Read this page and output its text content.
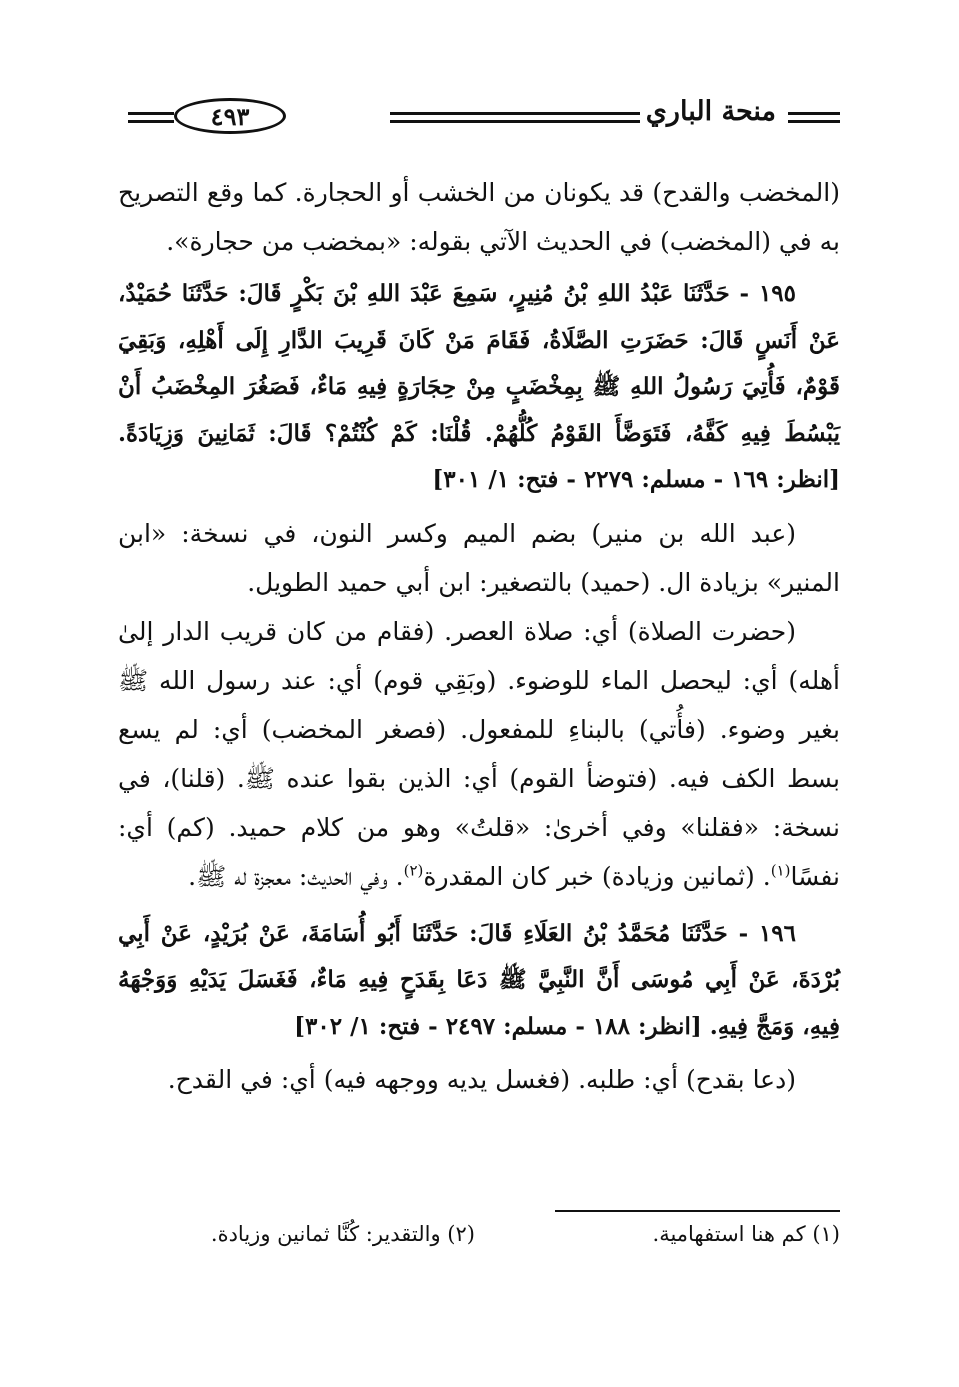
منحة الباري
٤٩٣

(المخضب والقدح) قد يكونان من الخشب أو الحجارة. كما وقع التصريح به في (المخضب) في الحديث الآتي بقوله: «بمخضب من حجارة».

١٩٥ - حَدَّثَنَا عَبْدُ اللهِ بْنُ مُنِيرٍ، سَمِعَ عَبْدَ اللهِ بْنَ بَكْرٍ قَالَ: حَدَّثَنَا حُمَيْدٌ، عَنْ أَنَسٍ قَالَ: حَضَرَتِ الصَّلَاةُ، فَقَامَ مَنْ كَانَ قَرِيبَ الدَّارِ إِلَى أَهْلِهِ، وَبَقِيَ قَوْمٌ، فَأُتِيَ رَسُولُ اللهِ ﷺ بِمِخْضَبٍ مِنْ حِجَارَةٍ فِيهِ مَاءٌ، فَصَغُرَ المِخْضَبُ أَنْ يَبْسُطَ فِيهِ كَفَّهُ، فَتَوَضَّأَ القَوْمُ كُلُّهُمْ. قُلْنَا: كَمْ كُنْتُمْ؟ قَالَ: ثَمَانِينَ وَزِيَادَةً. [انظر: ١٦٩ - مسلم: ٢٢٧٩ - فتح: ١/ ٣٠١]

(عبد الله بن منير) بضم الميم وكسر النون، في نسخة: «ابن المنير» بزيادة ال. (حميد) بالتصغير: ابن أبي حميد الطويل.

(حضرت الصلاة) أي: صلاة العصر. (فقام من كان قريب الدار إلىٰ أهله) أي: ليحصل الماء للوضوء. (وبَقِي قوم) أي: عند رسول الله ﷺ بغير وضوء. (فأُتي) بالبناءِ للمفعول. (فصغر المخضب) أي: لم يسع بسط الكف فيه. (فتوضأ القوم) أي: الذين بقوا عنده ﷺ. (قلنا)، في نسخة: «فقلنا» وفي أخرىٰ: «قلتُ» وهو من كلام حميد. (كم) أي: نفسًا$^{(١)}$. (ثمانين وزيادة) خبر كان المقدرة$^{(٢)}$. وفي الحديث: معجزة له ﷺ.

١٩٦ - حَدَّثَنَا مُحَمَّدُ بْنُ العَلَاءِ قَالَ: حَدَّثَنَا أَبُو أُسَامَةَ، عَنْ بُرَيْدٍ، عَنْ أَبِي بُرْدَةَ، عَنْ أَبِي مُوسَى أَنَّ النَّبِيَّ ﷺ دَعَا بِقَدَحٍ فِيهِ مَاءٌ، فَغَسَلَ يَدَيْهِ وَوَجْهَهُ فِيهِ، وَمَجَّ فِيهِ. [انظر: ١٨٨ - مسلم: ٢٤٩٧ - فتح: ١/ ٣٠٢]

(دعا بقدح) أي: طلبه. (فغسل يديه ووجهه فيه) أي: في القدح.

(١) كم هنا استفهامية.
(٢) والتقدير: كُنَّا ثمانين وزيادة.
